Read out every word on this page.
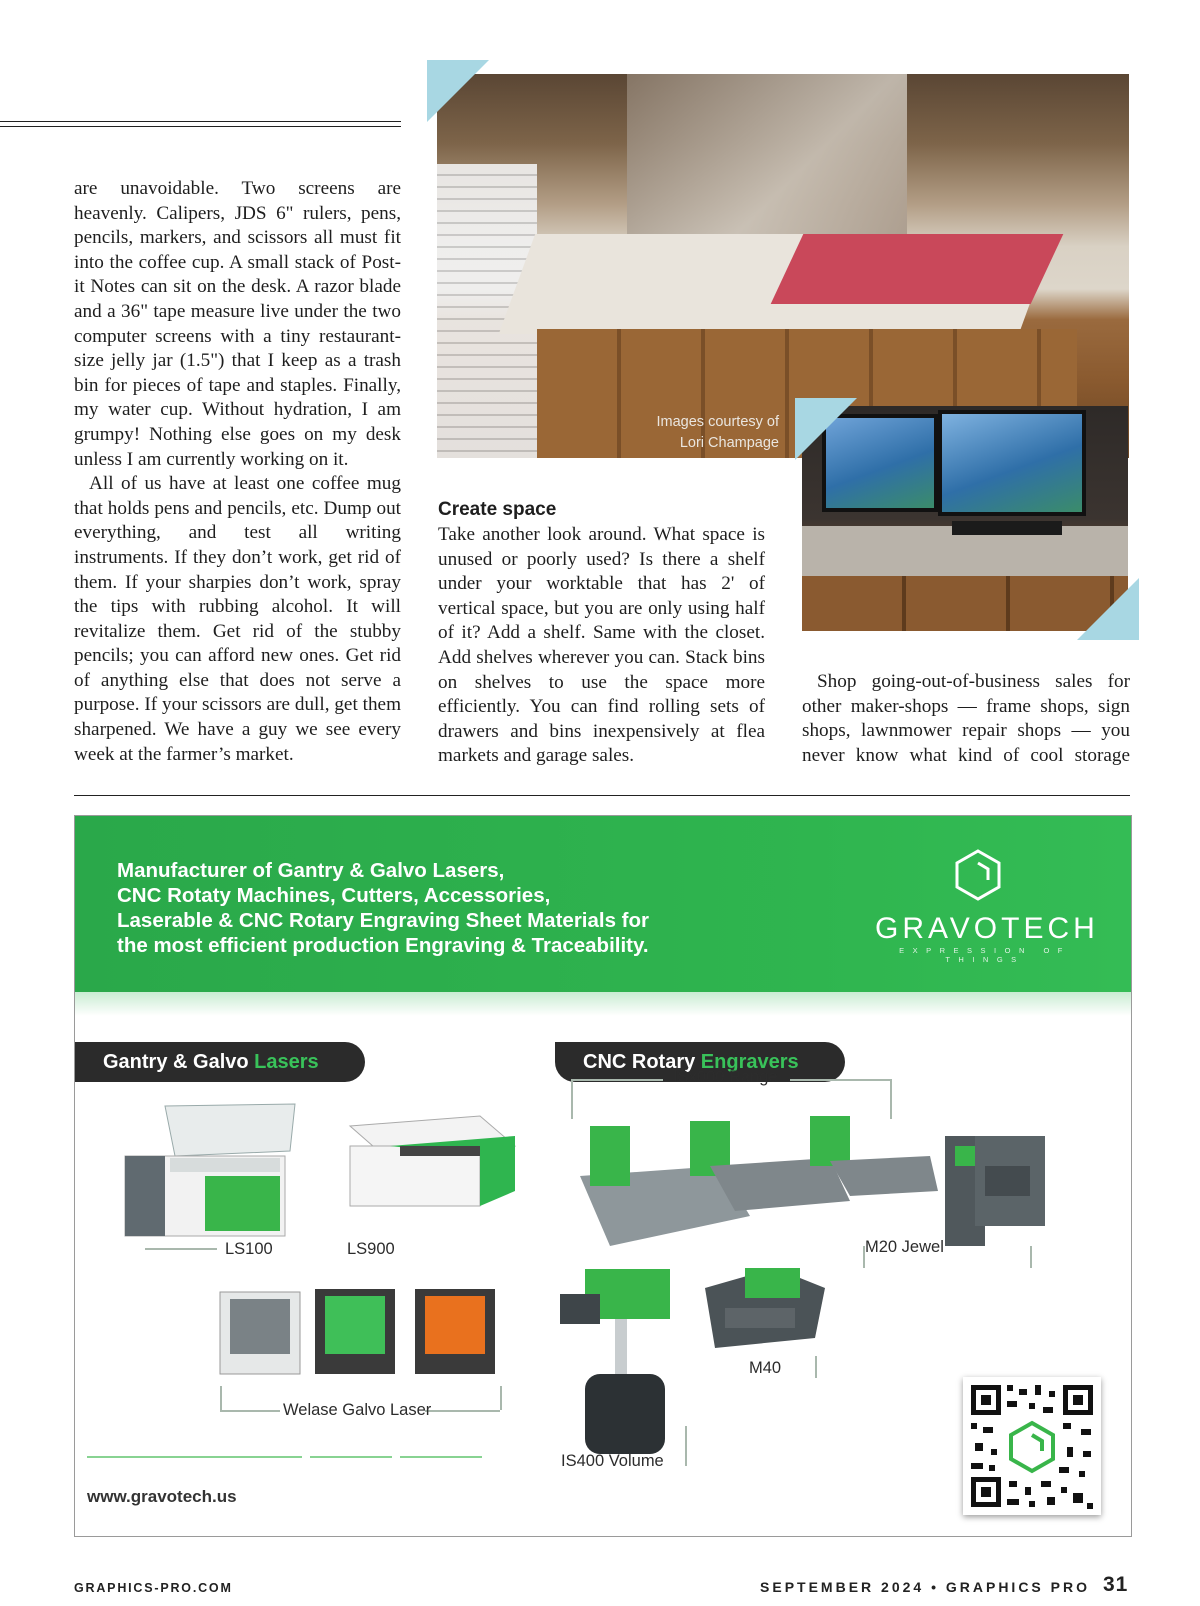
are unavoidable. Two screens are heavenly. Calipers, JDS 6" rulers, pens, pencils, markers, and scissors all must fit into the coffee cup. A small stack of Post-it Notes can sit on the desk. A razor blade and a 36" tape measure live under the two computer screens with a tiny restaurant-size jelly jar (1.5") that I keep as a trash bin for pieces of tape and staples. Finally, my water cup. Without hydration, I am grumpy! Nothing else goes on my desk unless I am currently working on it.

All of us have at least one coffee mug that holds pens and pencils, etc. Dump out everything, and test all writing instruments. If they don’t work, get rid of them. If your sharpies don’t work, spray the tips with rubbing alcohol. It will revitalize them. Get rid of the stubby pencils; you can afford new ones. Get rid of anything else that does not serve a purpose. If your scissors are dull, get them sharpened. We have a guy we see every week at the farmer’s market.

Images courtesy of
Lori Champage
Create space

Take another look around. What space is unused or poorly used? Is there a shelf under your worktable that has 2' of vertical space, but you are only using half of it? Add a shelf. Same with the closet. Add shelves wherever you can. Stack bins on shelves to use the space more efficiently. You can find rolling sets of drawers and bins inexpensively at flea markets and garage sales.

Shop going-out-of-business sales for other maker-shops — frame shops, sign shops, lawnmower repair shops — you never know what kind of cool storage

Manufacturer of Gantry & Galvo Lasers,
CNC Rotaty Machines, Cutters, Accessories,
Laserable & CNC Rotary Engraving Sheet Materials for
the most efficient production Engraving & Traceability.
GRAVOTECH
EXPRESSION OF THINGS
Gantry & Galvo Lasers	CNC Rotary Engravers
LS100	LS900
Welase Galvo Laser
ISx000 Range
M20 Jewel
M40
IS400 Volume
www.gravotech.us
GRAPHICS-PRO.COM	SEPTEMBER 2024 • GRAPHICS PRO 31
